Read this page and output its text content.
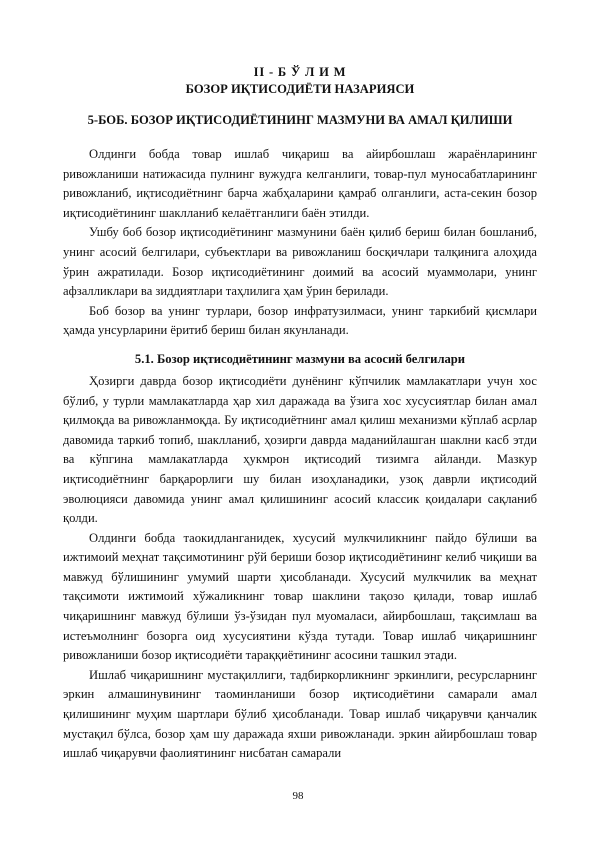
II - Б Ў Л И М

БОЗОР ИҚТИСОДИЁТИ НАЗАРИЯСИ

5-БОБ. БОЗОР ИҚТИСОДИЁТИНИНГ МАЗМУНИ ВА АМАЛ ҚИЛИШИ

Олдинги бобда товар ишлаб чиқариш ва айирбошлаш жараёнларининг ривожланиши натижасида пулнинг вужудга келганлиги, товар-пул муносабатларининг ривожланиб, иқтисодиётнинг барча жабҳаларини қамраб олганлиги, аста-секин бозор иқтисодиётининг шаклланиб келаётганлиги баён этилди.

Ушбу боб бозор иқтисодиётининг мазмунини баён қилиб бериш билан бошланиб, унинг асосий белгилари, субъектлари ва ривожланиш босқичлари талқинига алоҳида ўрин ажратилади. Бозор иқтисодиётининг доимий ва асосий муаммолари, унинг афзалликлари ва зиддиятлари таҳлилига ҳам ўрин берилади.

Боб бозор ва унинг турлари, бозор инфратузилмаси, унинг таркибий қисмлари ҳамда унсурларини ёритиб бериш билан якунланади.

5.1. Бозор иқтисодиётининг мазмуни ва асосий белгилари

Ҳозирги даврда бозор иқтисодиёти дунёнинг кўпчилик мамлакатлари учун хос бўлиб, у турли мамлакатларда ҳар хил даражада ва ўзига хос хусусиятлар билан амал қилмоқда ва ривожланмоқда. Бу иқтисодиётнинг амал қилиш механизми кўплаб асрлар давомида таркиб топиб, шаклланиб, ҳозирги даврда маданийлашган шаклни касб этди ва кўпгина мамлакатларда ҳукмрон иқтисодий тизимга айланди. Мазкур иқтисодиётнинг барқарорлиги шу билан изоҳланадики, узоқ даврли иқтисодий эволюцияси давомида унинг амал қилишининг асосий классик қоидалари сақланиб қолди.

Олдинги бобда таокидланганидек, хусусий мулкчиликнинг пайдо бўлиши ва ижтимоий меҳнат тақсимотининг рўй бериши бозор иқтисодиётининг келиб чиқиши ва мавжуд бўлишининг умумий шарти ҳисобланади. Хусусий мулкчилик ва меҳнат тақсимоти ижтимоий хўжаликнинг товар шаклини тақозо қилади, товар ишлаб чиқаришнинг мавжуд бўлиши ўз-ўзидан пул муомаласи, айирбошлаш, тақсимлаш ва истеъмолнинг бозорга оид хусусиятини кўзда тутади. Товар ишлаб чиқаришнинг ривожланиши бозор иқтисодиёти тараққиётининг асосини ташкил этади.

Ишлаб чиқаришнинг мустақиллиги, тадбиркорликнинг эркинлиги, ресурсларнинг эркин алмашинувининг таоминланиши бозор иқтисодиётини самарали амал қилишининг муҳим шартлари бўлиб ҳисобланади. Товар ишлаб чиқарувчи қанчалик мустақил бўлса, бозор ҳам шу даражада яхши ривожланади. эркин айирбошлаш товар ишлаб чиқарувчи фаолиятининг нисбатан самарали

98
